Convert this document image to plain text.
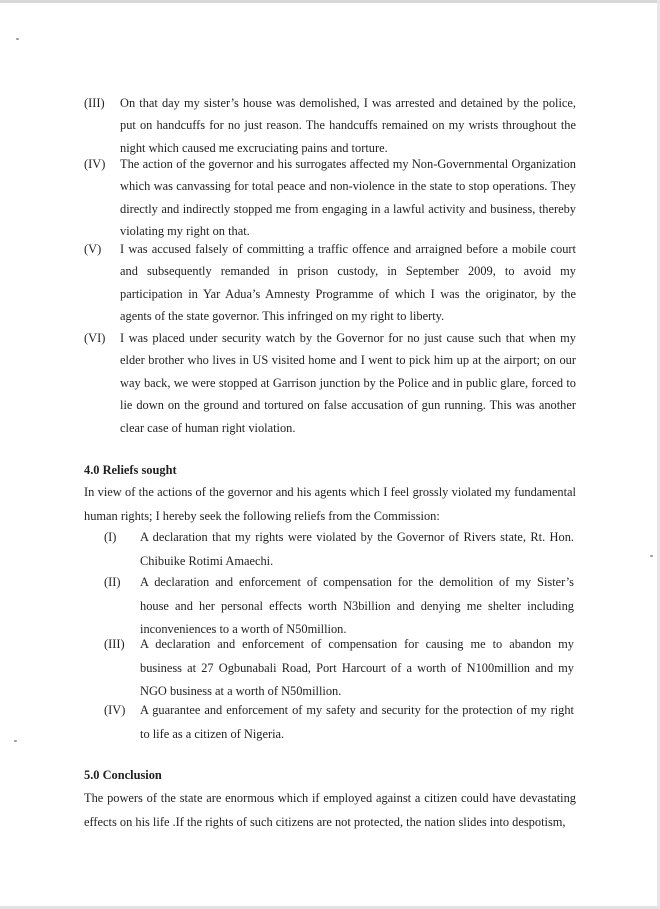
(III) On that day my sister’s house was demolished, I was arrested and detained by the police, put on handcuffs for no just reason. The handcuffs remained on my wrists throughout the night which caused me excruciating pains and torture.
(IV) The action of the governor and his surrogates affected my Non-Governmental Organization which was canvassing for total peace and non-violence in the state to stop operations. They directly and indirectly stopped me from engaging in a lawful activity and business, thereby violating my right on that.
(V) I was accused falsely of committing a traffic offence and arraigned before a mobile court and subsequently remanded in prison custody, in September 2009, to avoid my participation in Yar Adua’s Amnesty Programme of which I was the originator, by the agents of the state governor. This infringed on my right to liberty.
(VI) I was placed under security watch by the Governor for no just cause such that when my elder brother who lives in US visited home and I went to pick him up at the airport; on our way back, we were stopped at Garrison junction by the Police and in public glare, forced to lie down on the ground and tortured on false accusation of gun running. This was another clear case of human right violation.
4.0 Reliefs sought
In view of the actions of the governor and his agents which I feel grossly violated my fundamental human rights; I hereby seek the following reliefs from the Commission:
(I) A declaration that my rights were violated by the Governor of Rivers state, Rt. Hon. Chibuike Rotimi Amaechi.
(II) A declaration and enforcement of compensation for the demolition of my Sister’s house and her personal effects worth N3billion and denying me shelter including inconveniences to a worth of N50million.
(III) A declaration and enforcement of compensation for causing me to abandon my business at 27 Ogbunabali Road, Port Harcourt of a worth of N100million and my NGO business at a worth of N50million.
(IV) A guarantee and enforcement of my safety and security for the protection of my right to life as a citizen of Nigeria.
5.0 Conclusion
The powers of the state are enormous which if employed against a citizen could have devastating effects on his life .If the rights of such citizens are not protected, the nation slides into despotism,
